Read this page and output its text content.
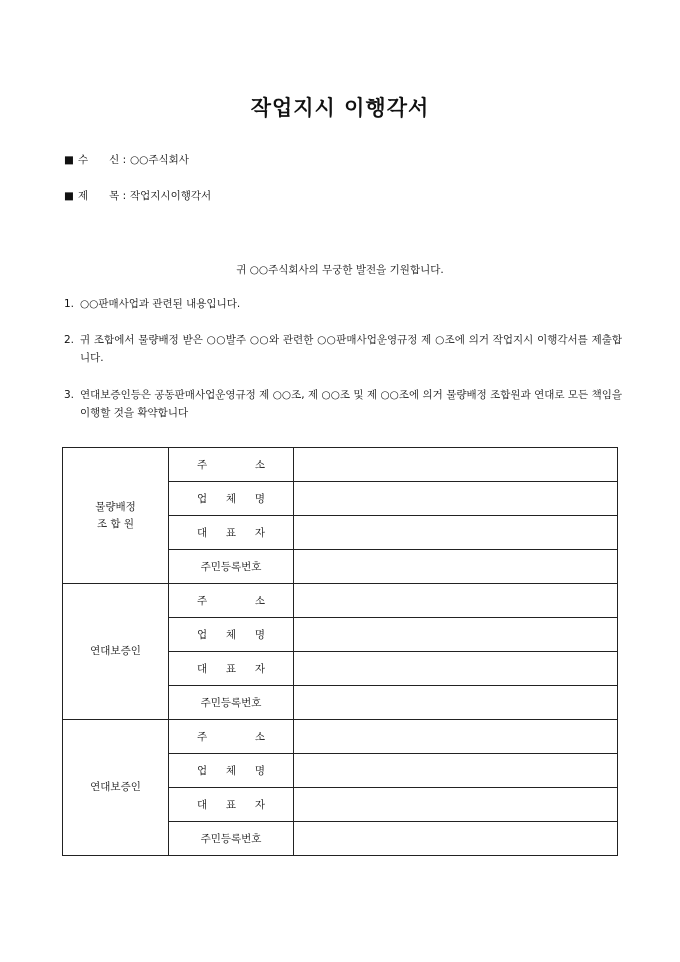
작업지시 이행각서
■ 수　　신 : ○○주식회사
■ 제　　목 : 작업지시이행각서
귀 ○○주식회사의 무궁한 발전을 기원합니다.
1. ○○판매사업과 관련된 내용입니다.
2. 귀 조합에서 물량배정 받은 ○○발주 ○○와 관련한 ○○판매사업운영규정 제 ○조에 의거 작업지시 이행각서를 제출합니다.
3. 연대보증인등은 공동판매사업운영규정 제 ○○조, 제 ○○조 및 제 ○○조에 의거 물량배정 조합원과 연대로 모든 책임을 이행할 것을 확약합니다
물량배정
조 합 원	주 소	

	업 체 명	

	대 표 자	

	주민등록번호	

연대보증인	주 소	

	업 체 명	

	대 표 자	

	주민등록번호	

연대보증인	주 소	

	업 체 명	

	대 표 자	

	주민등록번호	
